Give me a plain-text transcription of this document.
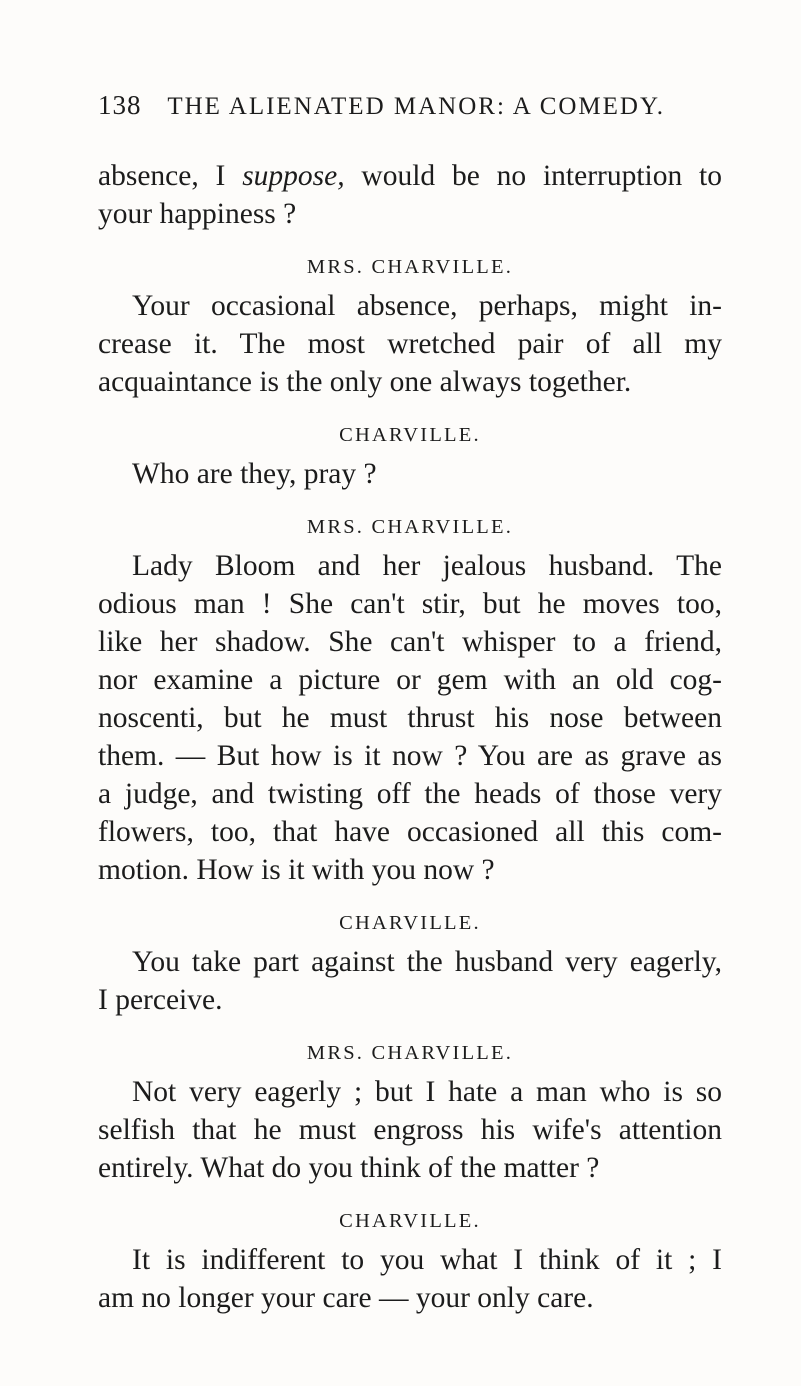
138 THE ALIENATED MANOR: A COMEDY.
absence, I suppose, would be no interruption to
your happiness ?
MRS. CHARVILLE.
Your occasional absence, perhaps, might in-
crease it. The most wretched pair of all my
acquaintance is the only one always together.
CHARVILLE.
Who are they, pray ?
MRS. CHARVILLE.
Lady Bloom and her jealous husband. The
odious man ! She can't stir, but he moves too,
like her shadow. She can't whisper to a friend,
nor examine a picture or gem with an old cog-
noscenti, but he must thrust his nose between
them. — But how is it now ? You are as grave as
a judge, and twisting off the heads of those very
flowers, too, that have occasioned all this com-
motion. How is it with you now ?
CHARVILLE.
You take part against the husband very eagerly,
I perceive.
MRS. CHARVILLE.
Not very eagerly ; but I hate a man who is so
selfish that he must engross his wife's attention
entirely. What do you think of the matter ?
CHARVILLE.
It is indifferent to you what I think of it ; I
am no longer your care — your only care.
